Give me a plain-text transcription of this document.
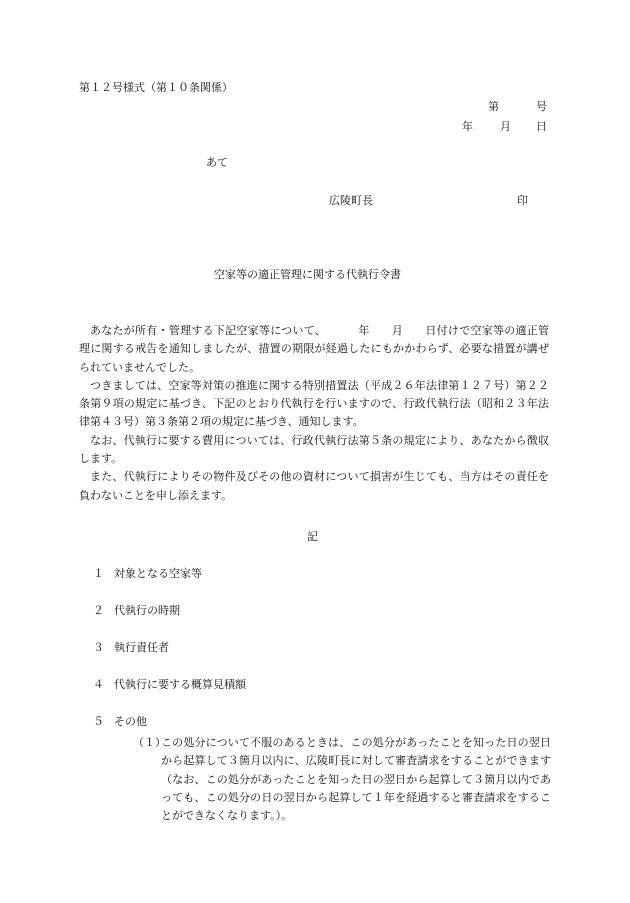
第１２号様式（第１０条関係）
第	号
年 月 日
あて
広陵町長	印
空家等の適正管理に関する代執行令書

あなたが所有・管理する下記空家等について、	年 月 日付けで空家等の適正管理に関する戒告を通知しましたが、措置の期限が経過したにもかかわらず、必要な措置が講ぜられていませんでした。

つきましては、空家等対策の推進に関する特別措置法（平成２６年法律第１２７号）第２２条第９項の規定に基づき、下記のとおり代執行を行いますので、行政代執行法（昭和２３年法律第４３号）第３条第２項の規定に基づき、通知します。

なお、代執行に要する費用については、行政代執行法第５条の規定により、あなたから徴収します。

また、代執行によりその物件及びその他の資材について損害が生じても、当方はその責任を負わないことを申し添えます。

記
１ 対象となる空家等
２ 代執行の時期
３ 執行責任者
４ 代執行に要する概算見積額
５ その他
（１）
この処分について不服のあるときは、この処分があったことを知った日の翌日から起算して３箇月以内に、広陵町長に対して審査請求をすることができます（なお、この処分があったことを知った日の翌日から起算して３箇月以内であっても、この処分の日の翌日から起算して１年を経過すると審査請求をすることができなくなります。）。
